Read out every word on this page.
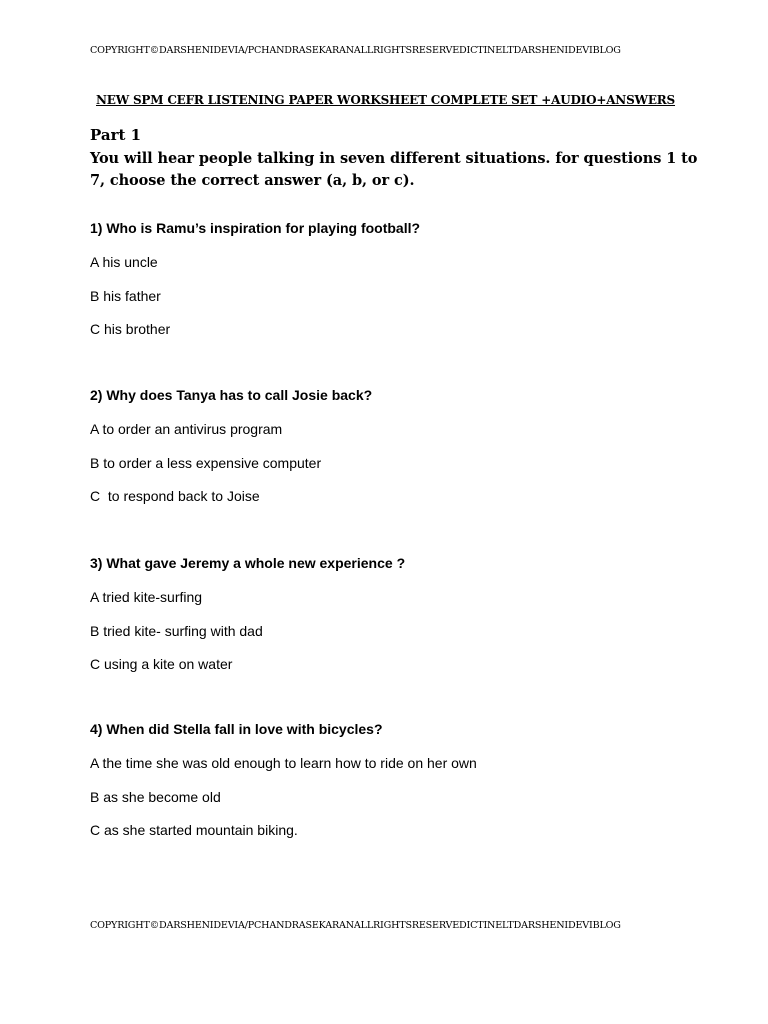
COPYRIGHT©DARSHENIDEVIA/PCHANDRASEKARANALLRIGHTSRESERVEDICTINELTDARSHENIDEVIBLOG
NEW SPM CEFR LISTENING PAPER WORKSHEET COMPLETE SET +AUDIO+ANSWERS
Part 1
You will hear people talking in seven different situations. for questions 1 to 7, choose the correct answer (a, b, or c).
1) Who is Ramu’s inspiration for playing football?
A his uncle
B his father
C his brother
2) Why does Tanya has to call Josie back?
A to order an antivirus program
B to order a less expensive computer
C  to respond back to Joise
3) What gave Jeremy a whole new experience ?
A tried kite-surfing
B tried kite- surfing with dad
C using a kite on water
4) When did Stella fall in love with bicycles?
A the time she was old enough to learn how to ride on her own
B as she become old
C as she started mountain biking.
COPYRIGHT©DARSHENIDEVIA/PCHANDRASEKARANALLRIGHTSRESERVEDICTINELTDARSHENIDEVIBLOG
